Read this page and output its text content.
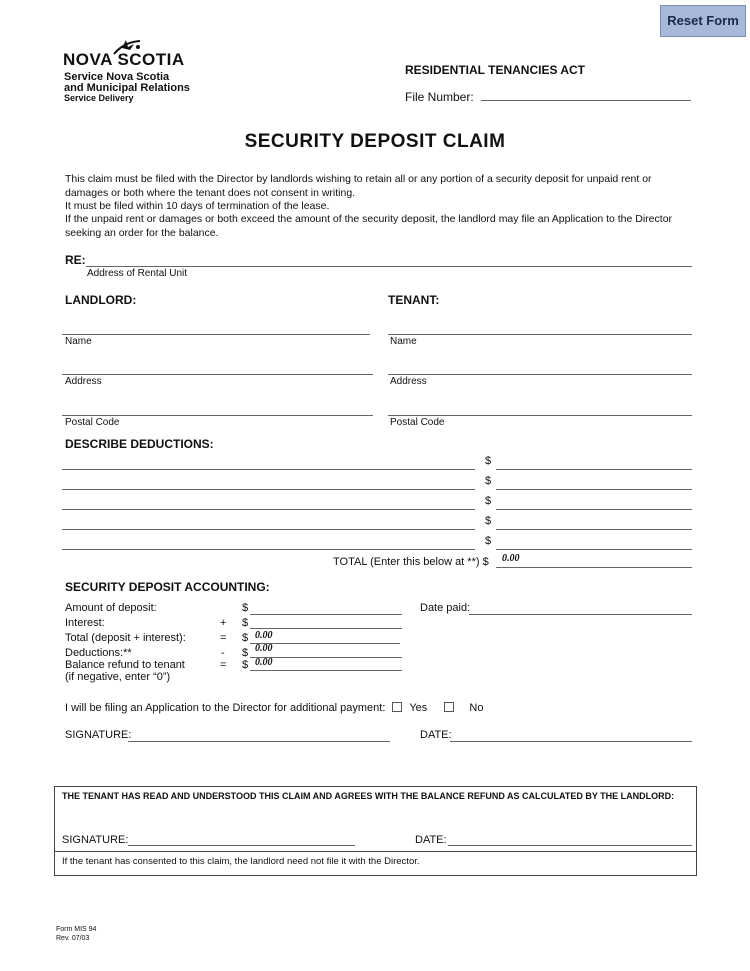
Reset Form
NOVA SCOTIA
Service Nova Scotia
and Municipal Relations
Service Delivery
RESIDENTIAL TENANCIES ACT
File Number:
SECURITY DEPOSIT CLAIM
This claim must be filed with the Director by landlords wishing to retain all or any portion of a security deposit for unpaid rent or damages or both where the tenant does not consent in writing.
It must be filed within 10 days of termination of the lease.
If the unpaid rent or damages or both exceed the amount of the security deposit, the landlord may file an Application to the Director seeking an order for the balance.
RE:
Address of Rental Unit
LANDLORD:	TENANT:
Name
Address
Postal Code
Name
Address
Postal Code
DESCRIBE DEDUCTIONS:
$
$
$
$
$
TOTAL (Enter this below at **) $ 0.00
SECURITY DEPOSIT ACCOUNTING:
Amount of deposit:	$	Date paid:
Interest:	+ $
Total (deposit + interest):	= $ 0.00
Deductions:**	- $ 0.00
Balance refund to tenant
(if negative, enter “0”)
= $ 0.00
I will be filing an Application to the Director for additional payment: Yes	No
SIGNATURE:	DATE:
THE TENANT HAS READ AND UNDERSTOOD THIS CLAIM AND AGREES WITH THE BALANCE REFUND AS CALCULATED BY THE LANDLORD:
SIGNATURE:	DATE:
If the tenant has consented to this claim, the landlord need not file it with the Director.
Form MIS 94
Rev. 07/03
